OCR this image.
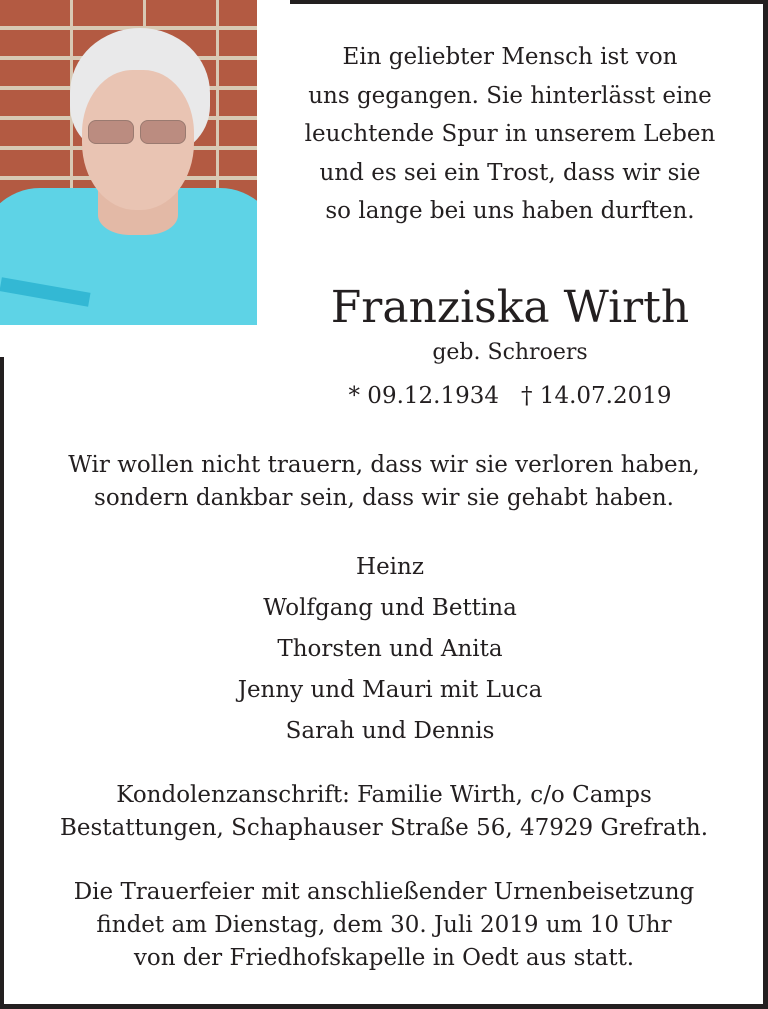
Ein geliebter Mensch ist von
uns gegangen. Sie hinterlässt eine
leuchtende Spur in unserem Leben
und es sei ein Trost, dass wir sie
so lange bei uns haben durften.
Franziska Wirth
geb. Schroers
* 09.12.1934 † 14.07.2019
Wir wollen nicht trauern, dass wir sie verloren haben,
sondern dankbar sein, dass wir sie gehabt haben.
Heinz
Wolfgang und Bettina
Thorsten und Anita
Jenny und Mauri mit Luca
Sarah und Dennis
Kondolenzanschrift: Familie Wirth, c/o Camps
Bestattungen, Schaphauser Straße 56, 47929 Grefrath.
Die Trauerfeier mit anschließender Urnenbeisetzung
findet am Dienstag, dem 30. Juli 2019 um 10 Uhr
von der Friedhofskapelle in Oedt aus statt.
